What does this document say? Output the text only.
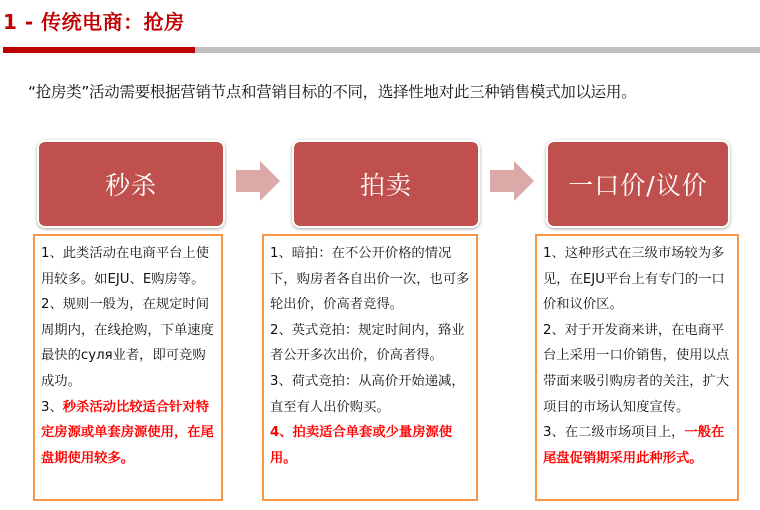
1 - 传统电商：抢房
“抢房类”活动需要根据营销节点和营销目标的不同，选择性地对此三种销售模式加以运用。
秒杀	拍卖	一口价/议价

1、此类活动在电商平台上使用较多。如EJU、E购房等。

2、规则一般为，在规定时间周期内，在线抢购，下单速度最快的суля业者，即可竞购成功。

3、秒杀活动比较适合针对特定房源或单套房源使用，在尾盘期使用较多。

1、暗拍：在不公开价格的情况下，购房者各自出价一次，也可多轮出价，价高者竞得。

2、英式竞拍：规定时间内，臵业者公开多次出价，价高者得。

3、荷式竞拍：从高价开始递减，直至有人出价购买。

4、拍卖适合单套或少量房源使用。

1、这种形式在三级市场较为多见，在EJU平台上有专门的一口价和议价区。

2、对于开发商来讲，在电商平台上采用一口价销售，使用以点带面来吸引购房者的关注，扩大项目的市场认知度宣传。

3、在二级市场项目上，一般在尾盘促销期采用此种形式。
